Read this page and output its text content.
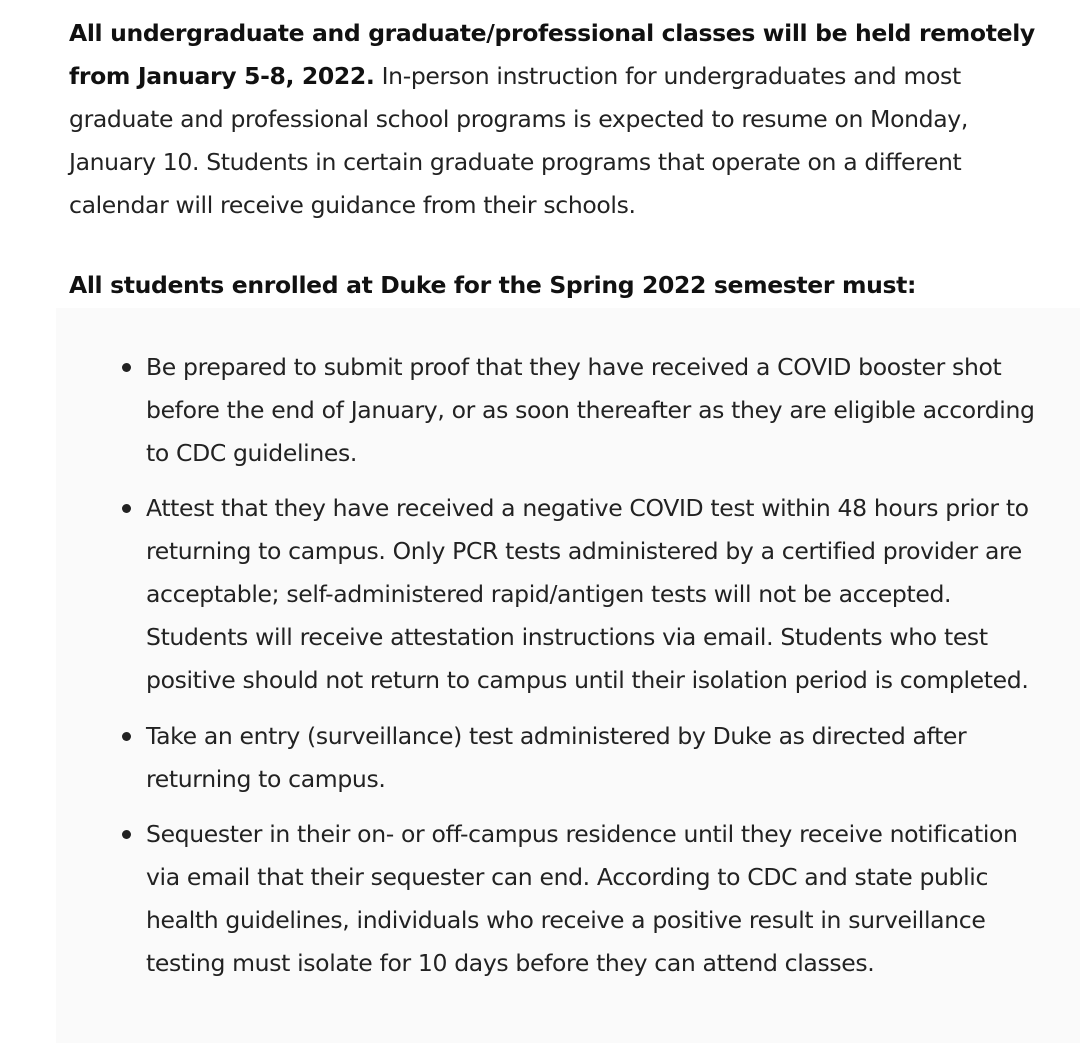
All undergraduate and graduate/professional classes will be held remotely from January 5-8, 2022. In-person instruction for undergraduates and most graduate and professional school programs is expected to resume on Monday, January 10. Students in certain graduate programs that operate on a different calendar will receive guidance from their schools.

All students enrolled at Duke for the Spring 2022 semester must:

Be prepared to submit proof that they have received a COVID booster shot before the end of January, or as soon thereafter as they are eligible according to CDC guidelines.
Attest that they have received a negative COVID test within 48 hours prior to returning to campus. Only PCR tests administered by a certified provider are acceptable; self-administered rapid/antigen tests will not be accepted. Students will receive attestation instructions via email. Students who test positive should not return to campus until their isolation period is completed.
Take an entry (surveillance) test administered by Duke as directed after returning to campus.
Sequester in their on- or off-campus residence until they receive notification via email that their sequester can end. According to CDC and state public health guidelines, individuals who receive a positive result in surveillance testing must isolate for 10 days before they can attend classes.
